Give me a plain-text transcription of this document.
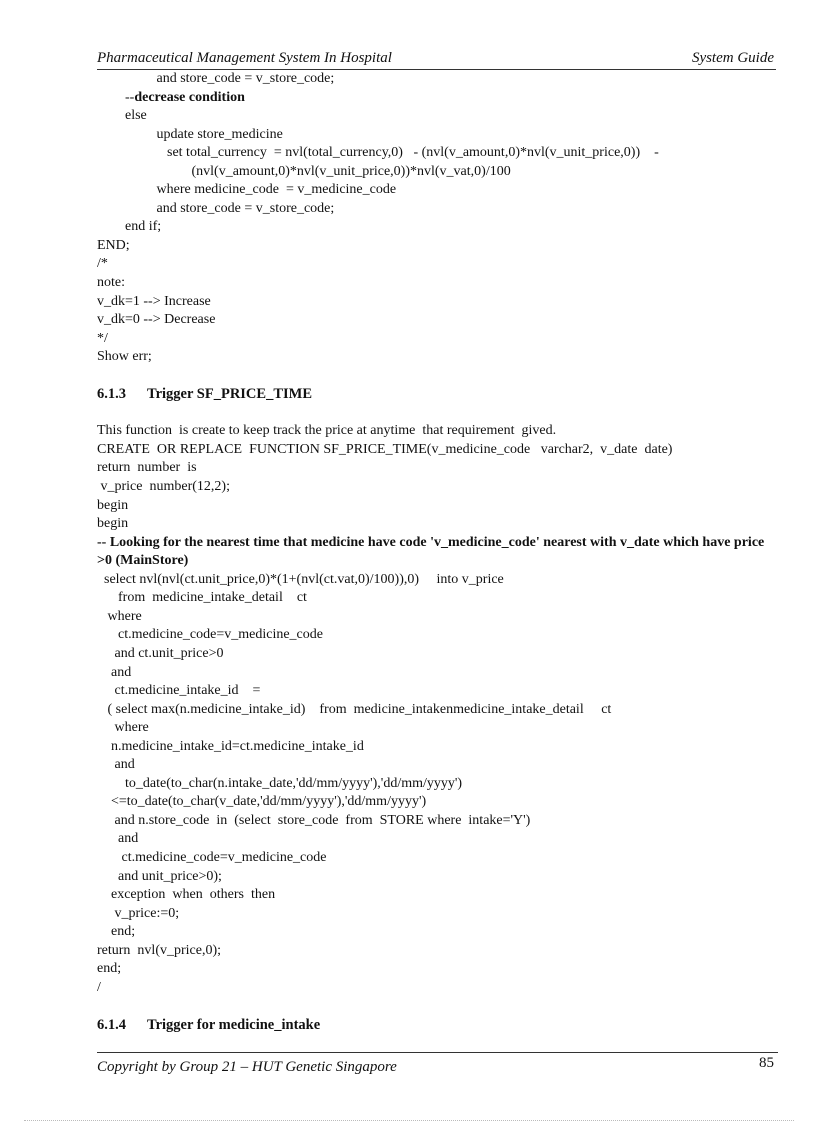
Pharmaceutical Management System In Hospital	System Guide
and store_code = v_store_code;
--decrease condition
else
update store_medicine
set total_currency  = nvl(total_currency,0)   - (nvl(v_amount,0)*nvl(v_unit_price,0))    -
(nvl(v_amount,0)*nvl(v_unit_price,0))*nvl(v_vat,0)/100
where medicine_code  = v_medicine_code
and store_code = v_store_code;
end if;
END;
/*
note:
v_dk=1 --> Increase
v_dk=0 --> Decrease
*/
Show err;
6.1.3 Trigger SF_PRICE_TIME
This function  is create to keep track the price at anytime  that requirement  gived.
CREATE  OR REPLACE  FUNCTION SF_PRICE_TIME(v_medicine_code   varchar2,  v_date  date)
return  number  is
v_price  number(12,2);
begin
begin
-- Looking for the nearest time that medicine have code 'v_medicine_code' nearest with v_date which have price >0 (MainStore)
select nvl(nvl(ct.unit_price,0)*(1+(nvl(ct.vat,0)/100)),0)     into v_price
from  medicine_intake_detail    ct
where
ct.medicine_code=v_medicine_code
and ct.unit_price>0
and
ct.medicine_intake_id    =
( select max(n.medicine_intake_id)    from  medicine_intakenmedicine_intake_detail     ct
where
n.medicine_intake_id=ct.medicine_intake_id
and
to_date(to_char(n.intake_date,'dd/mm/yyyy'),'dd/mm/yyyy')
<=to_date(to_char(v_date,'dd/mm/yyyy'),'dd/mm/yyyy')
and n.store_code  in  (select  store_code  from  STORE where  intake='Y')
and
ct.medicine_code=v_medicine_code
and unit_price>0);
exception  when  others  then
v_price:=0;
end;
return  nvl(v_price,0);
end;
/
6.1.4 Trigger for medicine_intake
Copyright by Group 21 – HUT Genetic Singapore	85
